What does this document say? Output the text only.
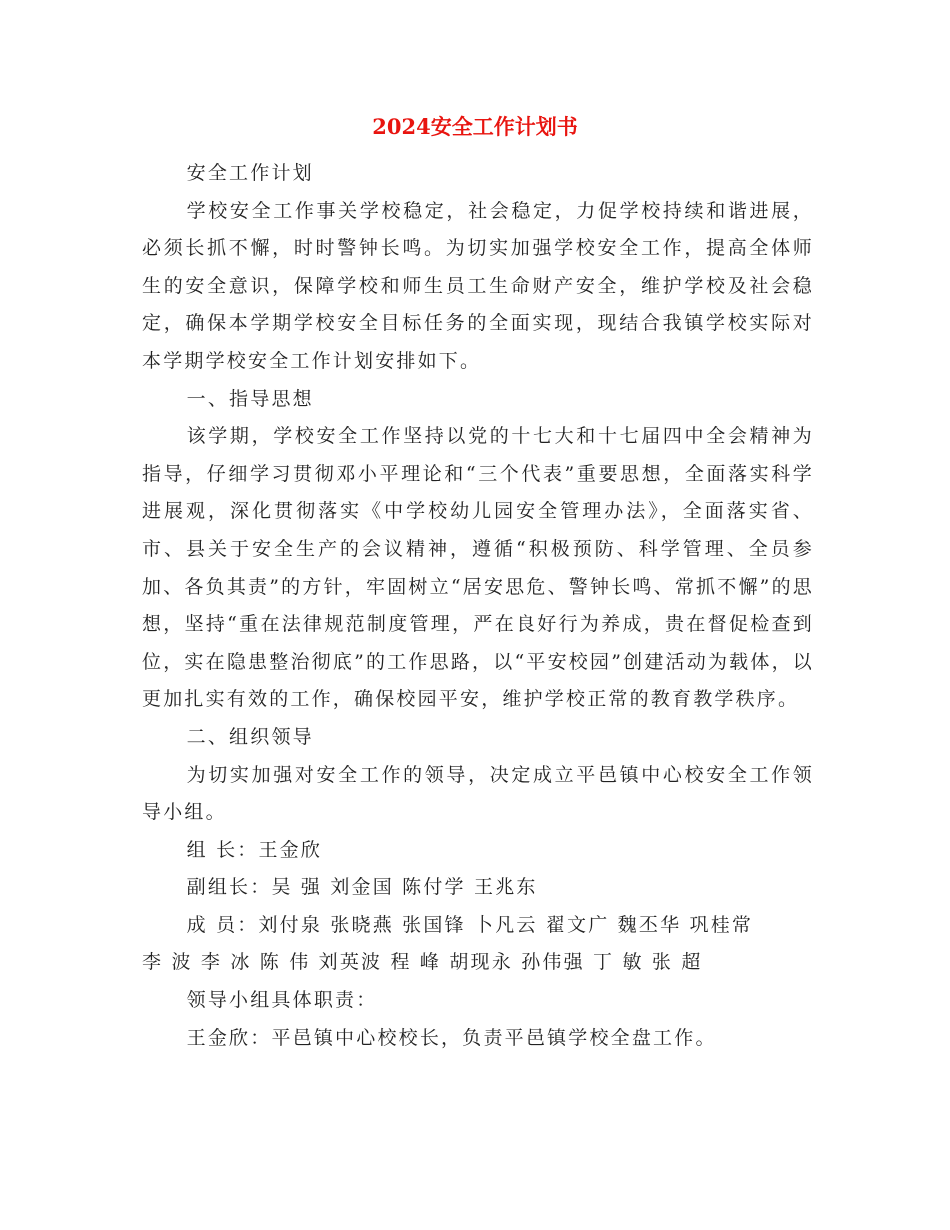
2024安全工作计划书

安全工作计划

学校安全工作事关学校稳定，社会稳定，力促学校持续和谐进展，必须长抓不懈，时时警钟长鸣。为切实加强学校安全工作，提高全体师生的安全意识，保障学校和师生员工生命财产安全，维护学校及社会稳定，确保本学期学校安全目标任务的全面实现，现结合我镇学校实际对本学期学校安全工作计划安排如下。

一、指导思想

该学期，学校安全工作坚持以党的十七大和十七届四中全会精神为指导，仔细学习贯彻邓小平理论和“三个代表”重要思想，全面落实科学进展观，深化贯彻落实《中学校幼儿园安全管理办法》，全面落实省、市、县关于安全生产的会议精神，遵循“积极预防、科学管理、全员参加、各负其责”的方针，牢固树立“居安思危、警钟长鸣、常抓不懈”的思想，坚持“重在法律规范制度管理，严在良好行为养成，贵在督促检查到位，实在隐患整治彻底”的工作思路，以“平安校园”创建活动为载体，以更加扎实有效的工作，确保校园平安，维护学校正常的教育教学秩序。

二、组织领导

为切实加强对安全工作的领导，决定成立平邑镇中心校安全工作领导小组。

组 长：王金欣

副组长：吴 强 刘金国 陈付学 王兆东

成 员：刘付泉 张晓燕 张国锋 卜凡云 翟文广 魏丕华 巩桂常

李 波 李 冰 陈 伟 刘英波 程 峰 胡现永 孙伟强 丁 敏 张 超

领导小组具体职责：

王金欣：平邑镇中心校校长，负责平邑镇学校全盘工作。
